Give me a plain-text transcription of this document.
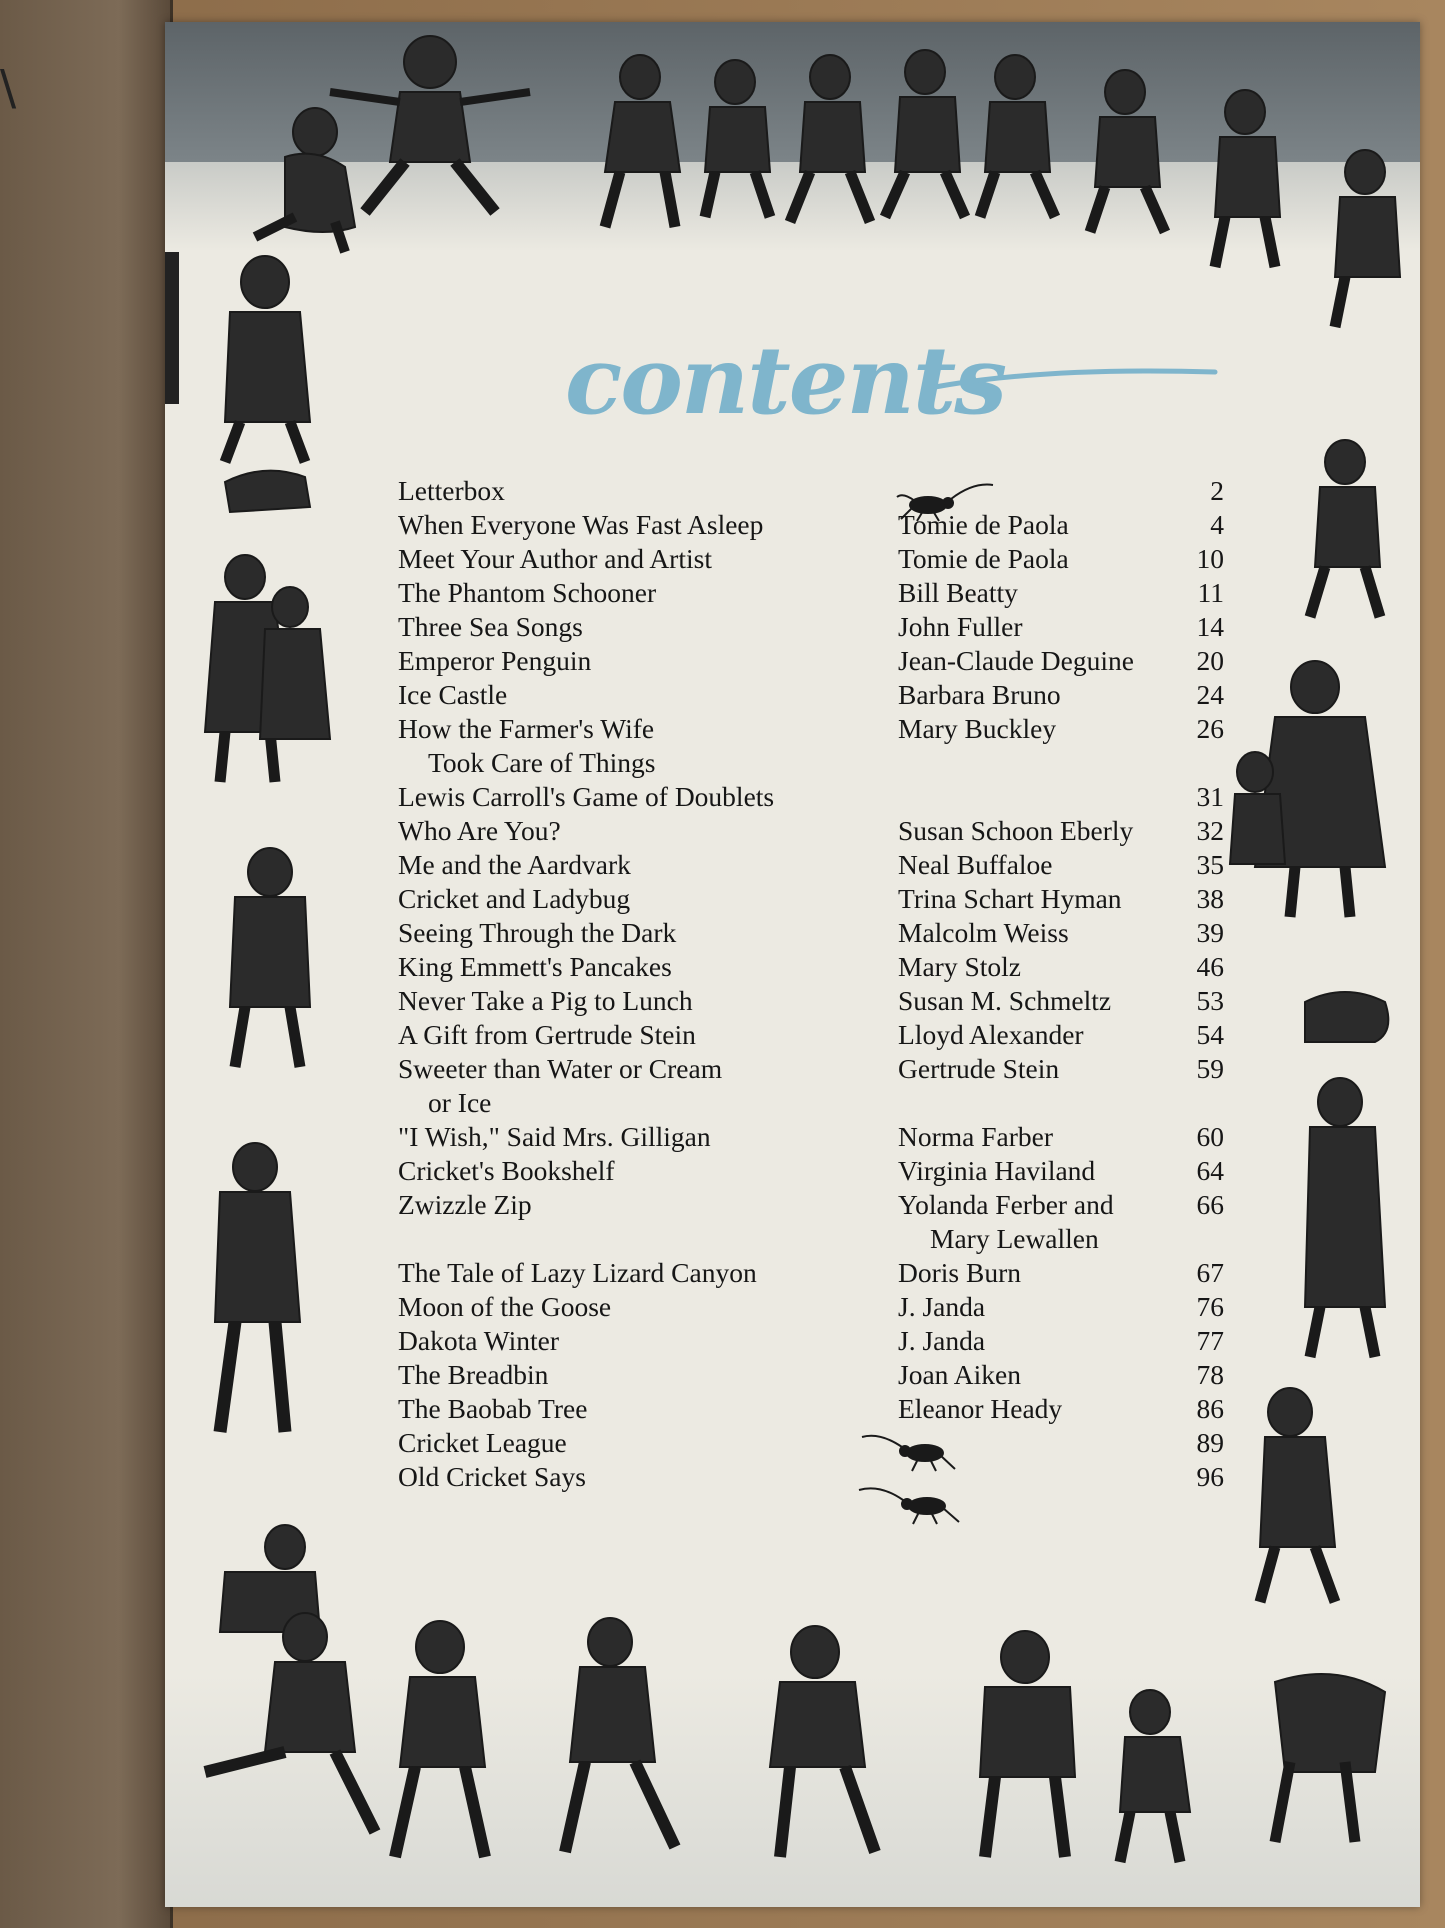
\
contents
Letterbox	2
When Everyone Was Fast Asleep	Tomie de Paola	4
Meet Your Author and Artist	Tomie de Paola	10
The Phantom Schooner	Bill Beatty	11
Three Sea Songs	John Fuller	14
Emperor Penguin	Jean-Claude Deguine	20
Ice Castle	Barbara Bruno	24
How the Farmer's Wife	Mary Buckley	26
Took Care of Things
Lewis Carroll's Game of Doublets	31
Who Are You?	Susan Schoon Eberly	32
Me and the Aardvark	Neal Buffaloe	35
Cricket and Ladybug	Trina Schart Hyman	38
Seeing Through the Dark	Malcolm Weiss	39
King Emmett's Pancakes	Mary Stolz	46
Never Take a Pig to Lunch	Susan M. Schmeltz	53
A Gift from Gertrude Stein	Lloyd Alexander	54
Sweeter than Water or Cream	Gertrude Stein	59
or Ice
"I Wish," Said Mrs. Gilligan	Norma Farber	60
Cricket's Bookshelf	Virginia Haviland	64
Zwizzle Zip	Yolanda Ferber and	66
Mary Lewallen
The Tale of Lazy Lizard Canyon	Doris Burn	67
Moon of the Goose	J. Janda	76
Dakota Winter	J. Janda	77
The Breadbin	Joan Aiken	78
The Baobab Tree	Eleanor Heady	86
Cricket League	89
Old Cricket Says	96
